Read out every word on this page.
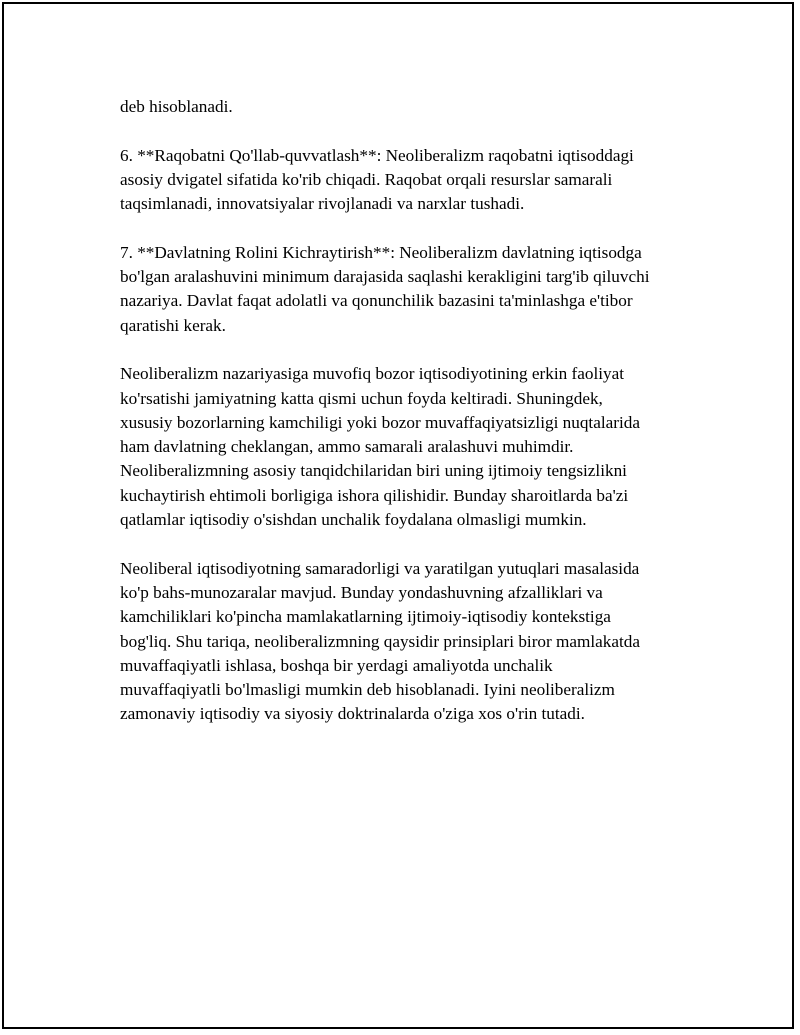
deb hisoblanadi.

6. **Raqobatni Qo'llab-quvvatlash**: Neoliberalizm raqobatni iqtisoddagi
asosiy dvigatel sifatida ko'rib chiqadi. Raqobat orqali resurslar samarali
taqsimlanadi, innovatsiyalar rivojlanadi va narxlar tushadi.

7. **Davlatning Rolini Kichraytirish**: Neoliberalizm davlatning iqtisodga
bo'lgan aralashuvini minimum darajasida saqlashi kerakligini targ'ib qiluvchi
nazariya. Davlat faqat adolatli va qonunchilik bazasini ta'minlashga e'tibor
qaratishi kerak.

Neoliberalizm nazariyasiga muvofiq bozor iqtisodiyotining erkin faoliyat
ko'rsatishi jamiyatning katta qismi uchun foyda keltiradi. Shuningdek,
xususiy bozorlarning kamchiligi yoki bozor muvaffaqiyatsizligi nuqtalarida
ham davlatning cheklangan, ammo samarali aralashuvi muhimdir.
Neoliberalizmning asosiy tanqidchilaridan biri uning ijtimoiy tengsizlikni
kuchaytirish ehtimoli borligiga ishora qilishidir. Bunday sharoitlarda ba'zi
qatlamlar iqtisodiy o'sishdan unchalik foydalana olmasligi mumkin.

Neoliberal iqtisodiyotning samaradorligi va yaratilgan yutuqlari masalasida
ko'p bahs-munozaralar mavjud. Bunday yondashuvning afzalliklari va
kamchiliklari ko'pincha mamlakatlarning ijtimoiy-iqtisodiy kontekstiga
bog'liq. Shu tariqa, neoliberalizmning qaysidir prinsiplari biror mamlakatda
muvaffaqiyatli ishlasa, boshqa bir yerdagi amaliyotda unchalik
muvaffaqiyatli bo'lmasligi mumkin deb hisoblanadi. Iyini neoliberalizm
zamonaviy iqtisodiy va siyosiy doktrinalarda o'ziga xos o'rin tutadi.
